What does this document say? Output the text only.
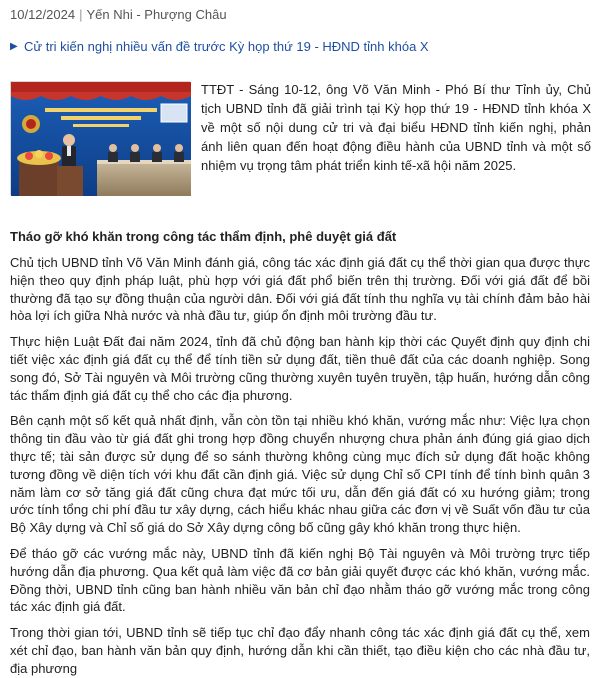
10/12/2024 | Yến Nhi - Phượng Châu
▶ Cử tri kiến nghị nhiều vấn đề trước Kỳ họp thứ 19 - HĐND tỉnh khóa X

TTĐT - Sáng 10-12, ông Võ Văn Minh - Phó Bí thư Tỉnh ủy, Chủ tịch UBND tỉnh đã giải trình tại Kỳ họp thứ 19 - HĐND tỉnh khóa X về một số nội dung cử tri và đại biểu HĐND tỉnh kiến nghị, phản ánh liên quan đến hoạt động điều hành của UBND tỉnh và một số nhiệm vụ trọng tâm phát triển kinh tế-xã hội năm 2025.

Tháo gỡ khó khăn trong công tác thẩm định, phê duyệt giá đất

Chủ tịch UBND tỉnh Võ Văn Minh đánh giá, công tác xác định giá đất cụ thể thời gian qua được thực hiện theo quy định pháp luật, phù hợp với giá đất phổ biến trên thị trường. Đối với giá đất để bồi thường đã tạo sự đồng thuận của người dân. Đối với giá đất tính thu nghĩa vụ tài chính đảm bảo hài hòa lợi ích giữa Nhà nước và nhà đầu tư, giúp ổn định môi trường đầu tư.

Thực hiện Luật Đất đai năm 2024, tỉnh đã chủ động ban hành kịp thời các Quyết định quy định chi tiết việc xác định giá đất cụ thể để tính tiền sử dụng đất, tiền thuê đất của các doanh nghiệp. Song song đó, Sở Tài nguyên và Môi trường cũng thường xuyên tuyên truyền, tập huấn, hướng dẫn công tác thẩm định giá đất cụ thể cho các địa phương.

Bên cạnh một số kết quả nhất định, vẫn còn tồn tại nhiều khó khăn, vướng mắc như: Việc lựa chọn thông tin đầu vào từ giá đất ghi trong hợp đồng chuyển nhượng chưa phản ánh đúng giá giao dịch thực tế; tài sản được sử dụng để so sánh thường không cùng mục đích sử dụng đất hoặc không tương đồng về diện tích với khu đất cần định giá. Việc sử dụng Chỉ số CPI tính để tính bình quân 3 năm làm cơ sở tăng giá đất cũng chưa đạt mức tối ưu, dẫn đến giá đất có xu hướng giảm; trong ước tính tổng chi phí đầu tư xây dựng, cách hiểu khác nhau giữa các đơn vị về Suất vốn đầu tư của Bộ Xây dựng và Chỉ số giá do Sở Xây dựng công bố cũng gây khó khăn trong thực hiện.

Để tháo gỡ các vướng mắc này, UBND tỉnh đã kiến nghị Bộ Tài nguyên và Môi trường trực tiếp hướng dẫn địa phương. Qua kết quả làm việc đã cơ bản giải quyết được các khó khăn, vướng mắc. Đồng thời, UBND tỉnh cũng ban hành nhiều văn bản chỉ đạo nhằm tháo gỡ vướng mắc trong công tác xác định giá đất.

Trong thời gian tới, UBND tỉnh sẽ tiếp tục chỉ đạo đẩy nhanh công tác xác định giá đất cụ thể, xem xét chỉ đạo, ban hành văn bản quy định, hướng dẫn khi cần thiết, tạo điều kiện cho các nhà đầu tư, địa phương
